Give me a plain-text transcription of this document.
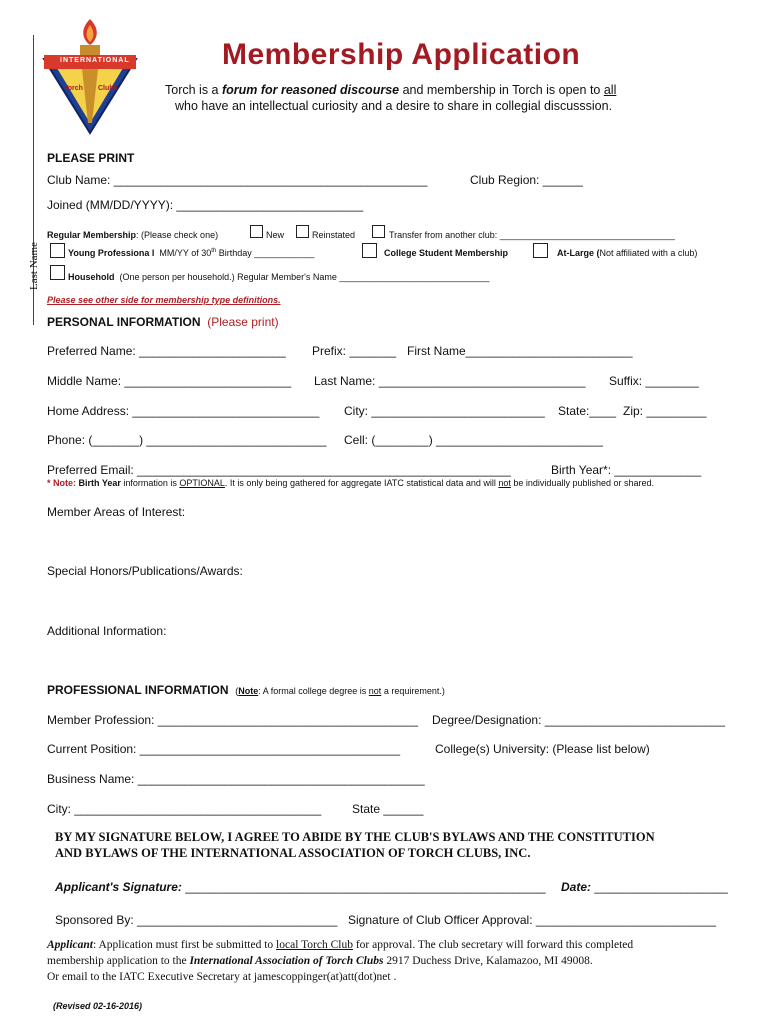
INTERNATIONAL
Torch Clubs
Last Name
Membership Application
Torch is a forum for reasoned discourse and membership in Torch is open to all
who have an intellectual curiosity and a desire to share in collegial discusssion.
PLEASE PRINT
Club Name: _______________________________________________	Club Region: ______
Joined (MM/DD/YYYY): ____________________________
Regular Membership: (Please check one)	New	Reinstated	Transfer from another club: ___________________________________
Young Professiona l MM/YY of 30th Birthday ____________	College Student Membership	At-Large (Not affiliated with a club)
Household (One person per household.) Regular Member's Name ______________________________
Please see other side for membership type definitions.
PERSONAL INFORMATION (Please print)
Preferred Name: ______________________ Prefix: _______ First Name_________________________
Middle Name: _________________________ Last Name: _______________________________ Suffix: ________
Home Address: ____________________________ City: __________________________ State:____ Zip: _________
Phone: (_______) ___________________________ Cell: (________) _________________________
Preferred Email: ________________________________________________________	Birth Year*: _____________
* Note: Birth Year information is OPTIONAL. It is only being gathered for aggregate IATC statistical data and will not be individually published or shared.
Member Areas of Interest:
Special Honors/Publications/Awards:
Additional Information:
PROFESSIONAL INFORMATION (Note: A formal college degree is not a requirement.)
Member Profession: _______________________________________ Degree/Designation: ___________________________
Current Position: _______________________________________	College(s) University: (Please list below)
Business Name: ___________________________________________
City: _____________________________________	State ______
BY MY SIGNATURE BELOW, I AGREE TO ABIDE BY THE CLUB'S BYLAWS AND THE CONSTITUTION
AND BYLAWS OF THE INTERNATIONAL ASSOCIATION OF TORCH CLUBS, INC.
Applicant's Signature: ______________________________________________________ Date: ____________________
Sponsored By: ______________________________ Signature of Club Officer Approval: ___________________________
Applicant: Application must first be submitted to local Torch Club for approval. The club secretary will forward this completed
membership application to the International Association of Torch Clubs 2917 Duchess Drive, Kalamazoo, MI 49008.
Or email to the IATC Executive Secretary at jamescoppinger(at)att(dot)net .
(Revised 02-16-2016)
